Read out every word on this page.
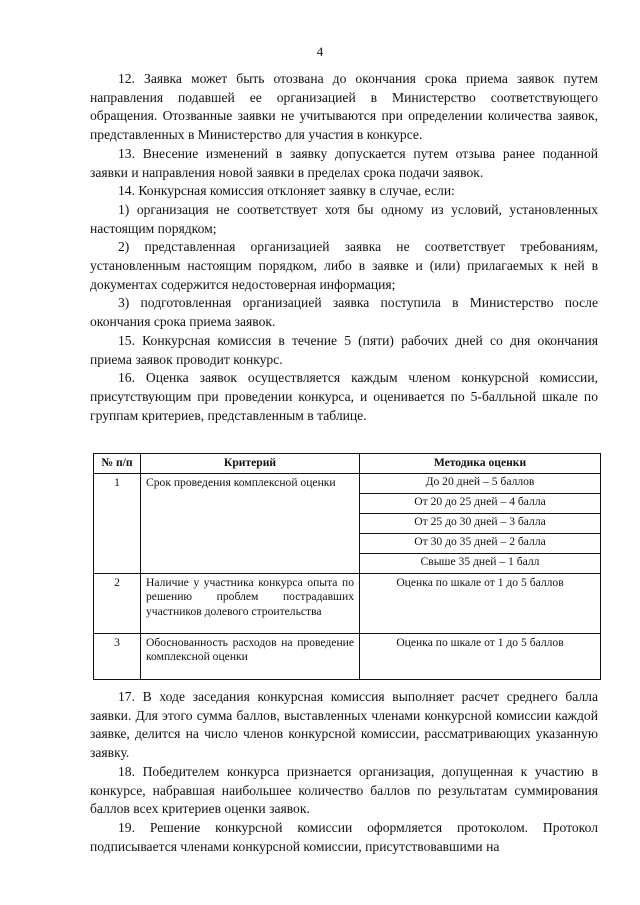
4

12. Заявка может быть отозвана до окончания срока приема заявок путем направления подавшей ее организацией в Министерство соответствующего обращения. Отозванные заявки не учитываются при определении количества заявок, представленных в Министерство для участия в конкурсе.

13. Внесение изменений в заявку допускается путем отзыва ранее поданной заявки и направления новой заявки в пределах срока подачи заявок.

14. Конкурсная комиссия отклоняет заявку в случае, если:

1) организация не соответствует хотя бы одному из условий, установленных настоящим порядком;

2) представленная организацией заявка не соответствует требованиям, установленным настоящим порядком, либо в заявке и (или) прилагаемых к ней в документах содержится недостоверная информация;

3) подготовленная организацией заявка поступила в Министерство после окончания срока приема заявок.

15. Конкурсная комиссия в течение 5 (пяти) рабочих дней со дня окончания приема заявок проводит конкурс.

16. Оценка заявок осуществляется каждым членом конкурсной комиссии, присутствующим при проведении конкурса, и оценивается по 5-балльной шкале по группам критериев, представленным в таблице.

№ п/п	Критерий	Методика оценки
1	Срок проведения комплексной оценки	До 20 дней – 5 баллов
		От 20 до 25 дней – 4 балла
		От 25 до 30 дней – 3 балла
		От 30 до 35 дней – 2 балла
		Свыше 35 дней – 1 балл
2	Наличие у участника конкурса опыта по решению проблем пострадавших участников долевого строительства	Оценка по шкале от 1 до 5 баллов
3	Обоснованность расходов на проведение комплексной оценки	Оценка по шкале от 1 до 5 баллов

17. В ходе заседания конкурсная комиссия выполняет расчет среднего балла заявки. Для этого сумма баллов, выставленных членами конкурсной комиссии каждой заявке, делится на число членов конкурсной комиссии, рассматривающих указанную заявку.

18. Победителем конкурса признается организация, допущенная к участию в конкурсе, набравшая наибольшее количество баллов по результатам суммирования баллов всех критериев оценки заявок.

19. Решение конкурсной комиссии оформляется протоколом. Протокол подписывается членами конкурсной комиссии, присутствовавшими на
